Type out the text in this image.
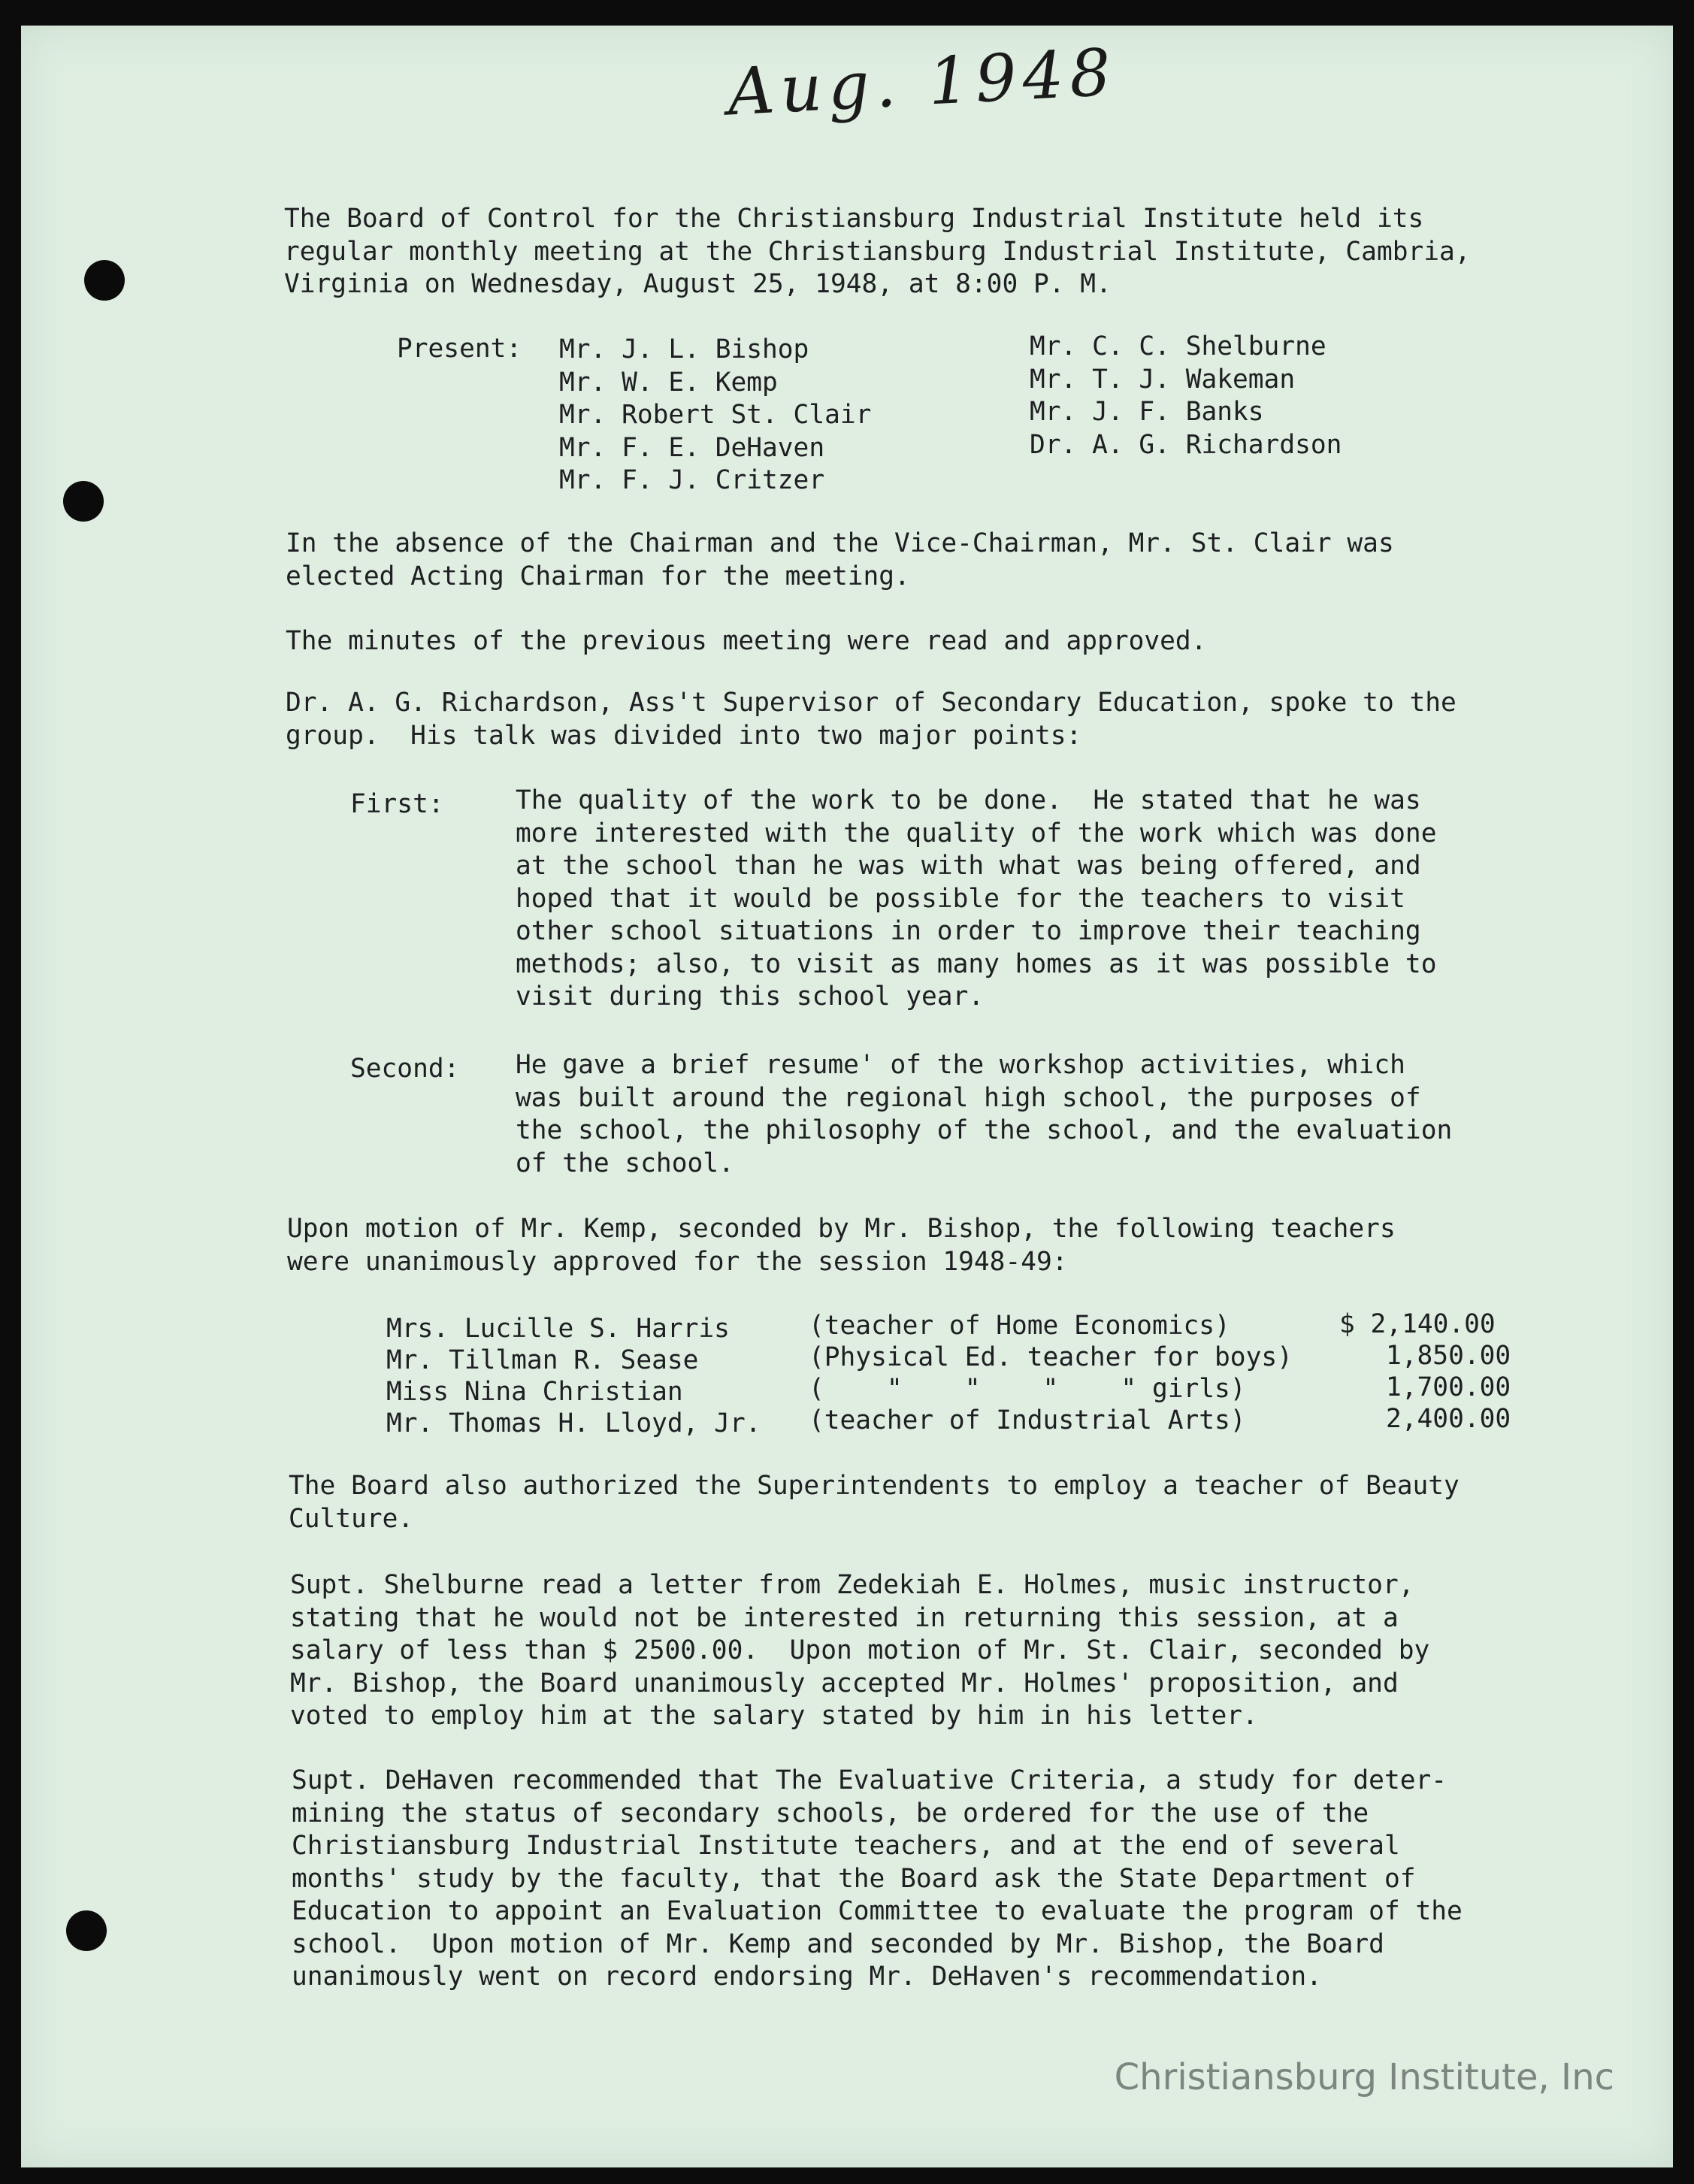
Aug. 1948

The Board of Control for the Christiansburg Industrial Institute held its
regular monthly meeting at the Christiansburg Industrial Institute, Cambria,
Virginia on Wednesday, August 25, 1948, at 8:00 P. M.

Present: Mr. J. L. Bishop
Mr. W. E. Kemp
Mr. Robert St. Clair
Mr. F. E. DeHaven
Mr. F. J. Critzer

Mr. C. C. Shelburne
Mr. T. J. Wakeman
Mr. J. F. Banks
Dr. A. G. Richardson

In the absence of the Chairman and the Vice-Chairman, Mr. St. Clair was
elected Acting Chairman for the meeting.

The minutes of the previous meeting were read and approved.

Dr. A. G. Richardson, Ass't Supervisor of Secondary Education, spoke to the
group.  His talk was divided into two major points:

First:	The quality of the work to be done.  He stated that he was
more interested with the quality of the work which was done
at the school than he was with what was being offered, and
hoped that it would be possible for the teachers to visit
other school situations in order to improve their teaching
methods; also, to visit as many homes as it was possible to
visit during this school year.

Second: He gave a brief resume' of the workshop activities, which
was built around the regional high school, the purposes of
the school, the philosophy of the school, and the evaluation
of the school.

Upon motion of Mr. Kemp, seconded by Mr. Bishop, the following teachers
were unanimously approved for the session 1948-49:

Mrs. Lucille S. Harris	(teacher of Home Economics)	$ 2,140.00
Mr. Tillman R. Sease	(Physical Ed. teacher for boys)	1,850.00
Miss Nina Christian	(    "    "    "    " girls)	1,700.00
Mr. Thomas H. Lloyd, Jr. (teacher of Industrial Arts)	2,400.00

The Board also authorized the Superintendents to employ a teacher of Beauty
Culture.

Supt. Shelburne read a letter from Zedekiah E. Holmes, music instructor,
stating that he would not be interested in returning this session, at a
salary of less than $ 2500.00.  Upon motion of Mr. St. Clair, seconded by
Mr. Bishop, the Board unanimously accepted Mr. Holmes' proposition, and
voted to employ him at the salary stated by him in his letter.

Supt. DeHaven recommended that The Evaluative Criteria, a study for deter-
mining the status of secondary schools, be ordered for the use of the
Christiansburg Industrial Institute teachers, and at the end of several
months' study by the faculty, that the Board ask the State Department of
Education to appoint an Evaluation Committee to evaluate the program of the
school.  Upon motion of Mr. Kemp and seconded by Mr. Bishop, the Board
unanimously went on record endorsing Mr. DeHaven's recommendation.

Christiansburg Institute, Inc
